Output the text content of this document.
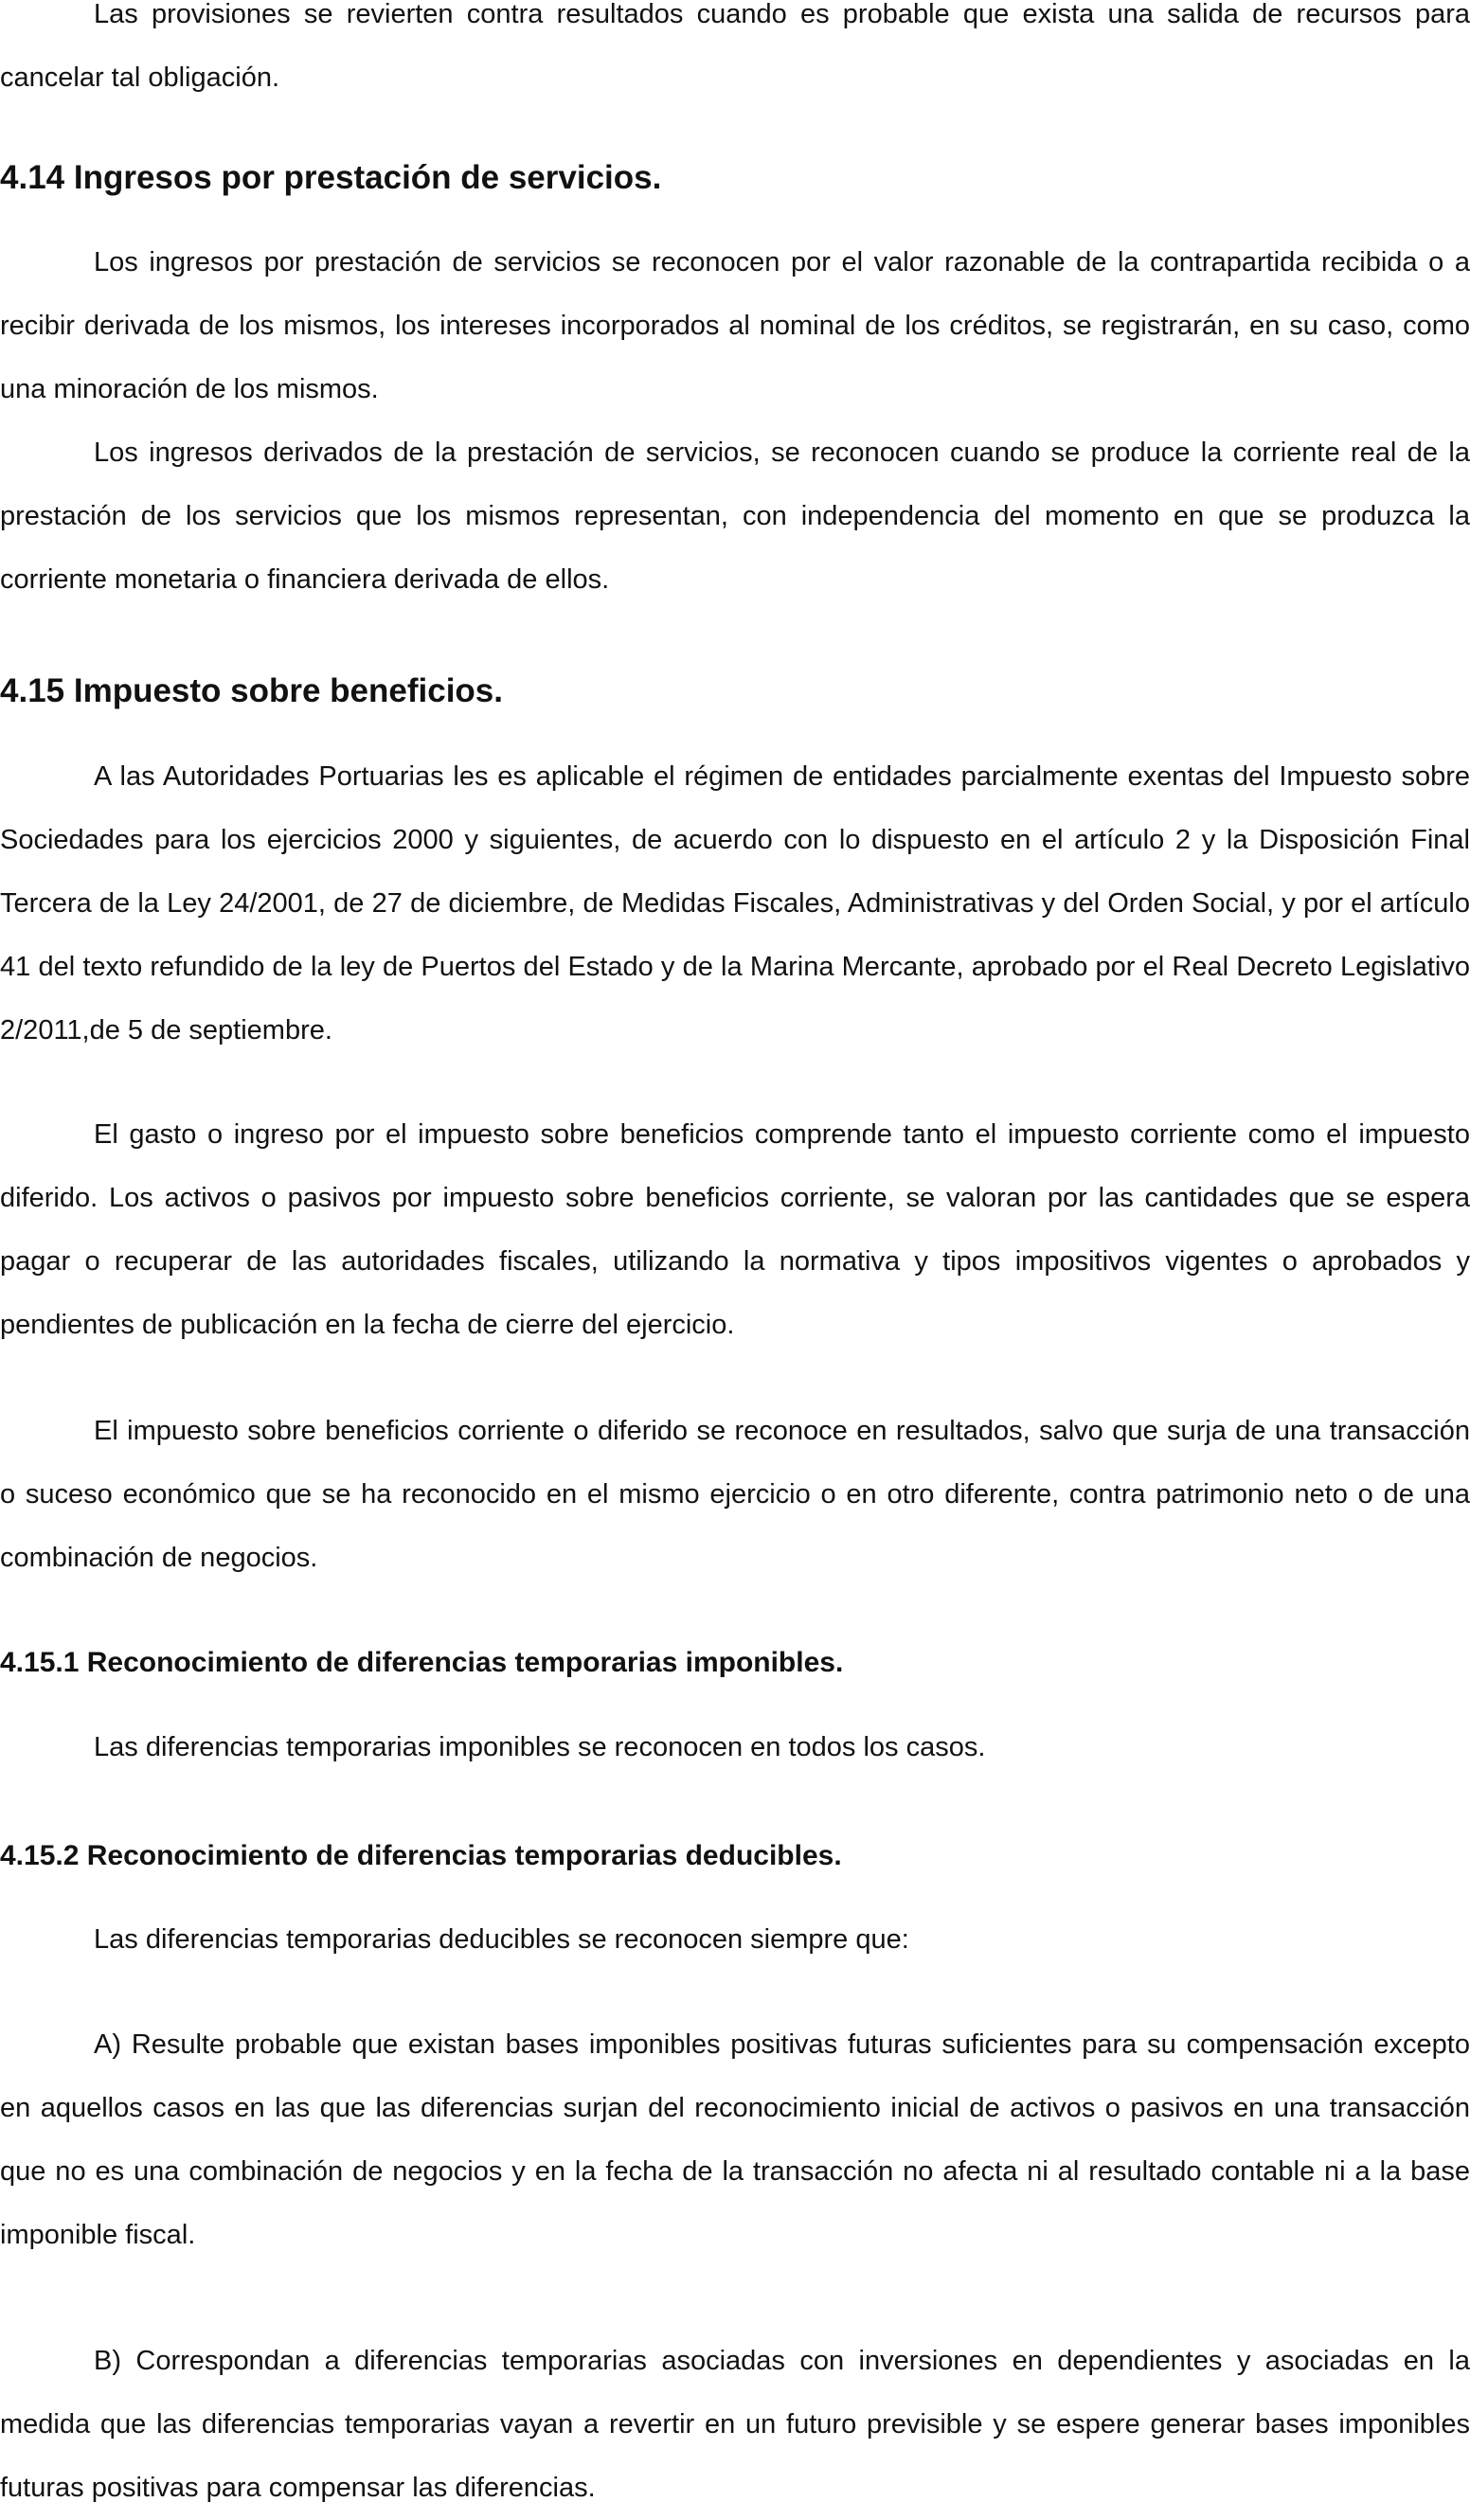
Las provisiones se revierten contra resultados cuando es probable que exista una salida de recursos para cancelar tal obligación.

4.14 Ingresos por prestación de servicios.

Los ingresos por prestación de servicios se reconocen por el valor razonable de la contrapartida recibida o a recibir derivada de los mismos, los intereses incorporados al nominal de los créditos, se registrarán, en su caso, como una minoración de los mismos.

Los ingresos derivados de la prestación de servicios, se reconocen cuando se produce la corriente real de la prestación de los servicios que los mismos representan, con independencia del momento en que se produzca la corriente monetaria o financiera derivada de ellos.

4.15 Impuesto sobre beneficios.

A las Autoridades Portuarias les es aplicable el régimen de entidades parcialmente exentas del Impuesto sobre Sociedades para los ejercicios 2000 y siguientes, de acuerdo con lo dispuesto en el artículo 2 y la Disposición Final Tercera de la Ley 24/2001, de 27 de diciembre, de Medidas Fiscales, Administrativas y del Orden Social, y por el artículo 41 del texto refundido de la ley de Puertos del Estado y de la Marina Mercante, aprobado por el Real Decreto Legislativo 2/2011,de 5 de septiembre.

El gasto o ingreso por el impuesto sobre beneficios comprende tanto el impuesto corriente como el impuesto diferido. Los activos o pasivos por impuesto sobre beneficios corriente, se valoran por las cantidades que se espera pagar o recuperar de las autoridades fiscales, utilizando la normativa y tipos impositivos vigentes o aprobados y pendientes de publicación en la fecha de cierre del ejercicio.

El impuesto sobre beneficios corriente o diferido se reconoce en resultados, salvo que surja de una transacción o suceso económico que se ha reconocido en el mismo ejercicio o en otro diferente, contra patrimonio neto o de una combinación de negocios.

4.15.1 Reconocimiento de diferencias temporarias imponibles.

Las diferencias temporarias imponibles se reconocen en todos los casos.

4.15.2 Reconocimiento de diferencias temporarias deducibles.

Las diferencias temporarias deducibles se reconocen siempre que:

A) Resulte probable que existan bases imponibles positivas futuras suficientes para su compensación excepto en aquellos casos en las que las diferencias surjan del reconocimiento inicial de activos o pasivos en una transacción que no es una combinación de negocios y en la fecha de la transacción no afecta ni al resultado contable ni a la base imponible fiscal.

B) Correspondan a diferencias temporarias asociadas con inversiones en dependientes y asociadas en la medida que las diferencias temporarias vayan a revertir en un futuro previsible y se espere generar bases imponibles futuras positivas para compensar las diferencias.
